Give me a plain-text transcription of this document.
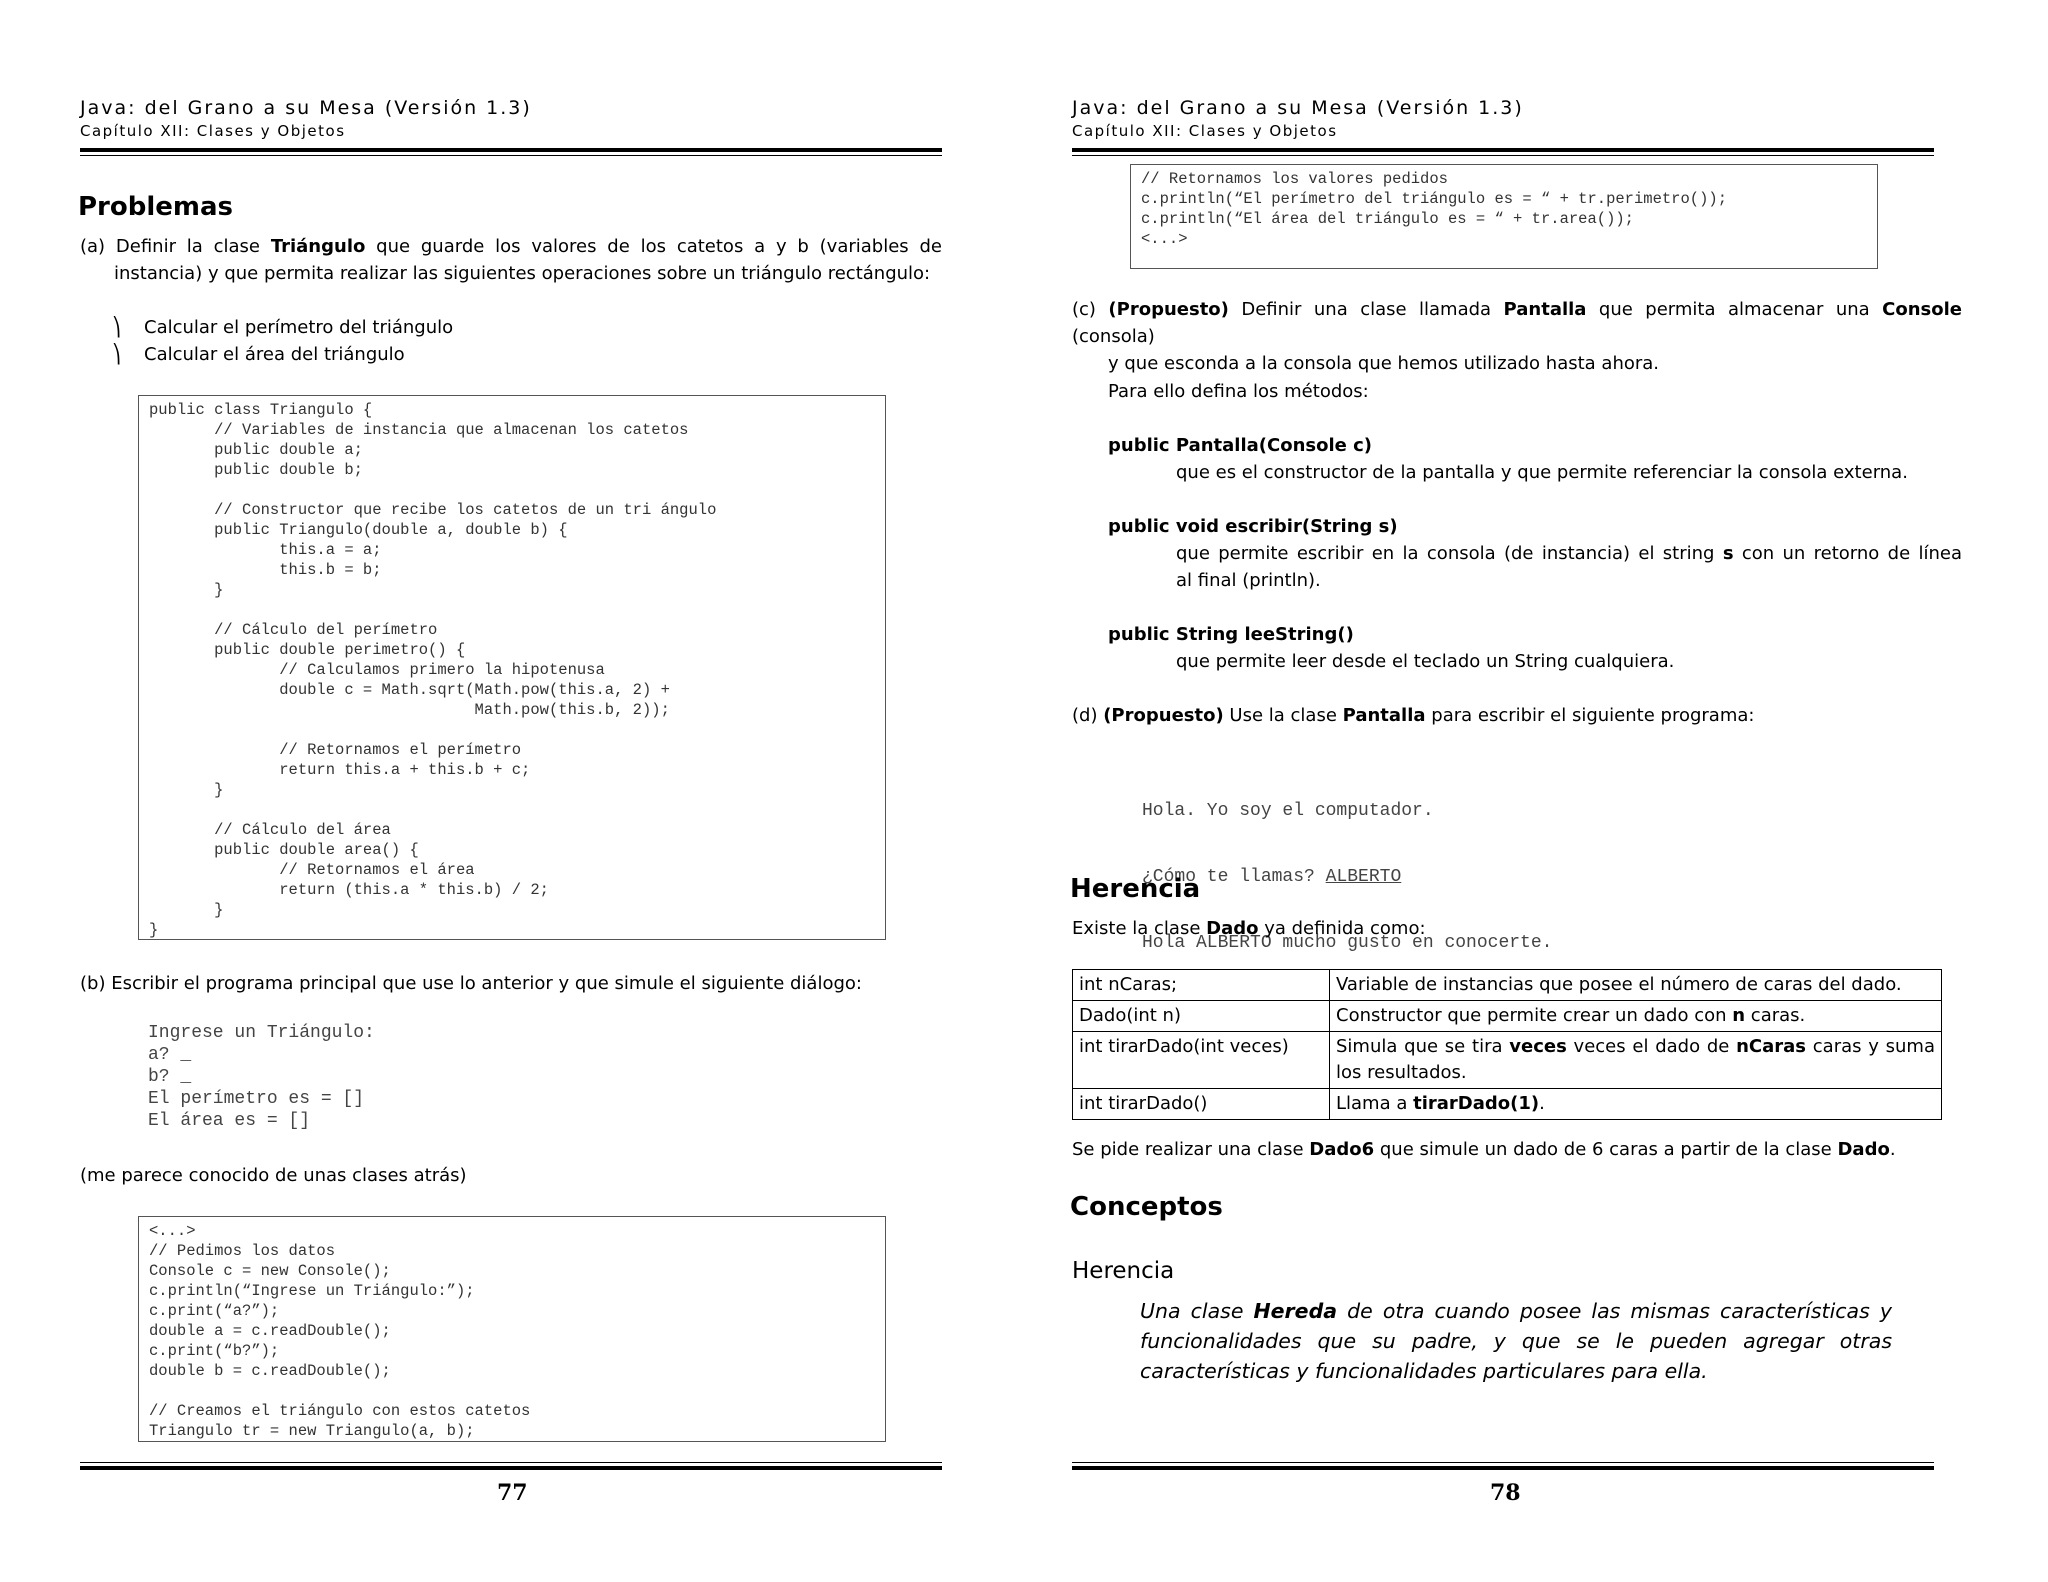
Java: del Grano a su Mesa (Versión 1.3)
Capítulo XII: Clases y Objetos
Problemas
(a) Definir la clase Triángulo que guarde los valores de los catetos a y b (variables de
instancia) y que permita realizar las siguientes operaciones sobre un triángulo rectángulo:
⎞ Calcular el perímetro del triángulo
⎞ Calcular el área del triángulo
public class Triangulo {
// Variables de instancia que almacenan los catetos
public double a;
public double b;

// Constructor que recibe los catetos de un tri ángulo
public Triangulo(double a, double b) {
this.a = a;
this.b = b;
}

// Cálculo del perímetro
public double perimetro() {
// Calculamos primero la hipotenusa
double c = Math.sqrt(Math.pow(this.a, 2) +
Math.pow(this.b, 2));

// Retornamos el perímetro
return this.a + this.b + c;
}

// Cálculo del área
public double area() {
// Retornamos el área
return (this.a * this.b) / 2;
}
}
(b) Escribir el programa principal que use lo anterior y que simule el siguiente diálogo:
Ingrese un Triángulo:
a? _
b? _
El perímetro es = []
El área es = []
(me parece conocido de unas clases atrás)
<...>
// Pedimos los datos
Console c = new Console();
c.println(“Ingrese un Triángulo:”);
c.print(“a?”);
double a = c.readDouble();
c.print(“b?”);
double b = c.readDouble();

// Creamos el triángulo con estos catetos
Triangulo tr = new Triangulo(a, b);
77
Java: del Grano a su Mesa (Versión 1.3)
Capítulo XII: Clases y Objetos
// Retornamos los valores pedidos
c.println(“El perímetro del triángulo es = “ + tr.perimetro());
c.println(“El área del triángulo es = “ + tr.area());
<...>
(c) (Propuesto) Definir una clase llamada Pantalla que permita almacenar una Console (consola)
y que esconda a la consola que hemos utilizado hasta ahora.
Para ello defina los métodos:
public Pantalla(Console c)
que es el constructor de la pantalla y que permite referenciar la consola externa.
public void escribir(String s)
que permite escribir en la consola (de instancia) el string s con un retorno de línea
al final (println).
public String leeString()
que permite leer desde el teclado un String cualquiera.
(d) (Propuesto) Use la clase Pantalla para escribir el siguiente programa:

Hola. Yo soy el computador.

¿Cómo te llamas? ALBERTO

Hola ALBERTO mucho gusto en conocerte.

Herencia
Existe la clase Dado ya definida como:
int nCaras;	Variable de instancias que posee el número de caras del dado.
Dado(int n)	Constructor que permite crear un dado con n caras.
int tirarDado(int veces)	Simula que se tira veces veces el dado de nCaras caras y suma los resultados.
int tirarDado()	Llama a tirarDado(1).
Se pide realizar una clase Dado6 que simule un dado de 6 caras a partir de la clase Dado.
Conceptos
Herencia
Una clase Hereda de otra cuando posee las mismas características y funcionalidades que su padre, y que se le pueden agregar otras características y funcionalidades particulares para ella.
78
